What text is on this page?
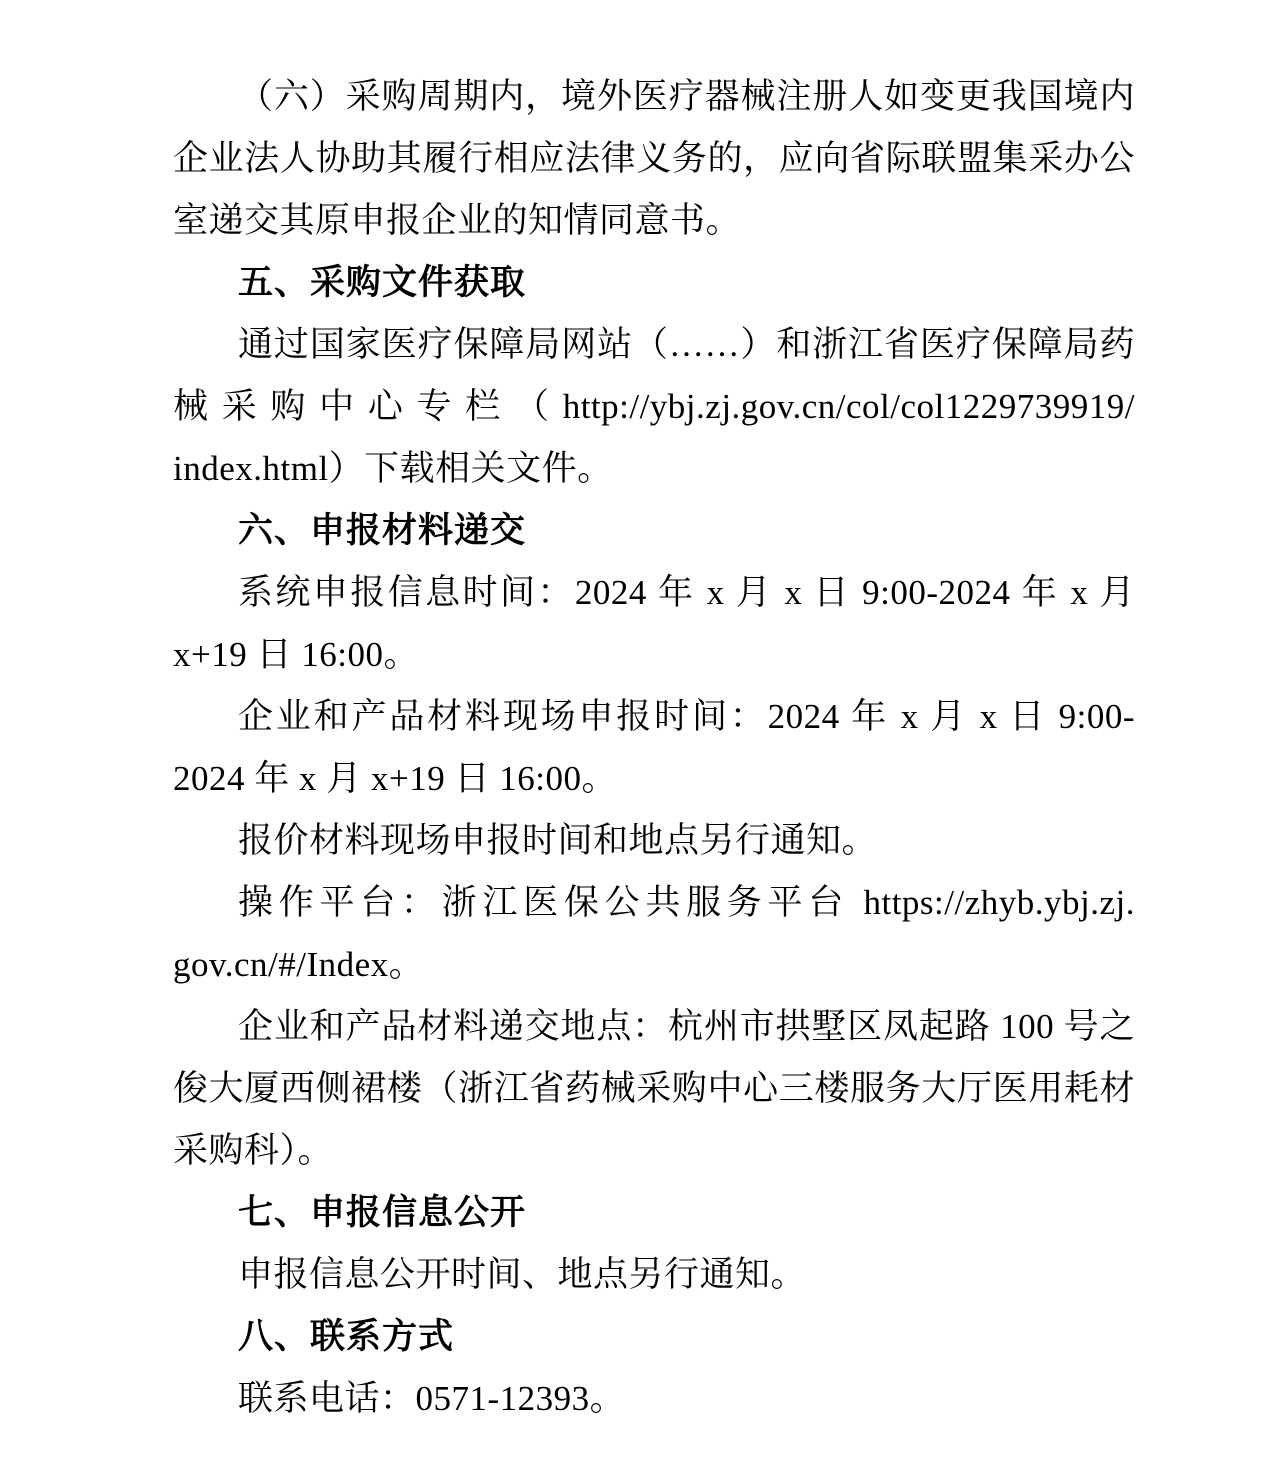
（六）采购周期内，境外医疗器械注册人如变更我国境内
企业法人协助其履行相应法律义务的，应向省际联盟集采办公
室递交其原申报企业的知情同意书。
五、采购文件获取
通过国家医疗保障局网站（……）和浙江省医疗保障局药
械采购中心专栏（http://ybj.zj.gov.cn/col/col1229739919/
index.html）下载相关文件。
六、申报材料递交
系统申报信息时间：2024 年 x 月 x 日 9:00-2024 年 x 月
x+19 日 16:00。
企业和产品材料现场申报时间：2024 年 x 月 x 日 9:00-
2024 年 x 月 x+19 日 16:00。
报价材料现场申报时间和地点另行通知。
操作平台：浙江医保公共服务平台 https://zhyb.ybj.zj.
gov.cn/#/Index。
企业和产品材料递交地点：杭州市拱墅区凤起路 100 号之
俊大厦西侧裙楼（浙江省药械采购中心三楼服务大厅医用耗材
采购科）。
七、申报信息公开
申报信息公开时间、地点另行通知。
八、联系方式
联系电话：0571-12393。
